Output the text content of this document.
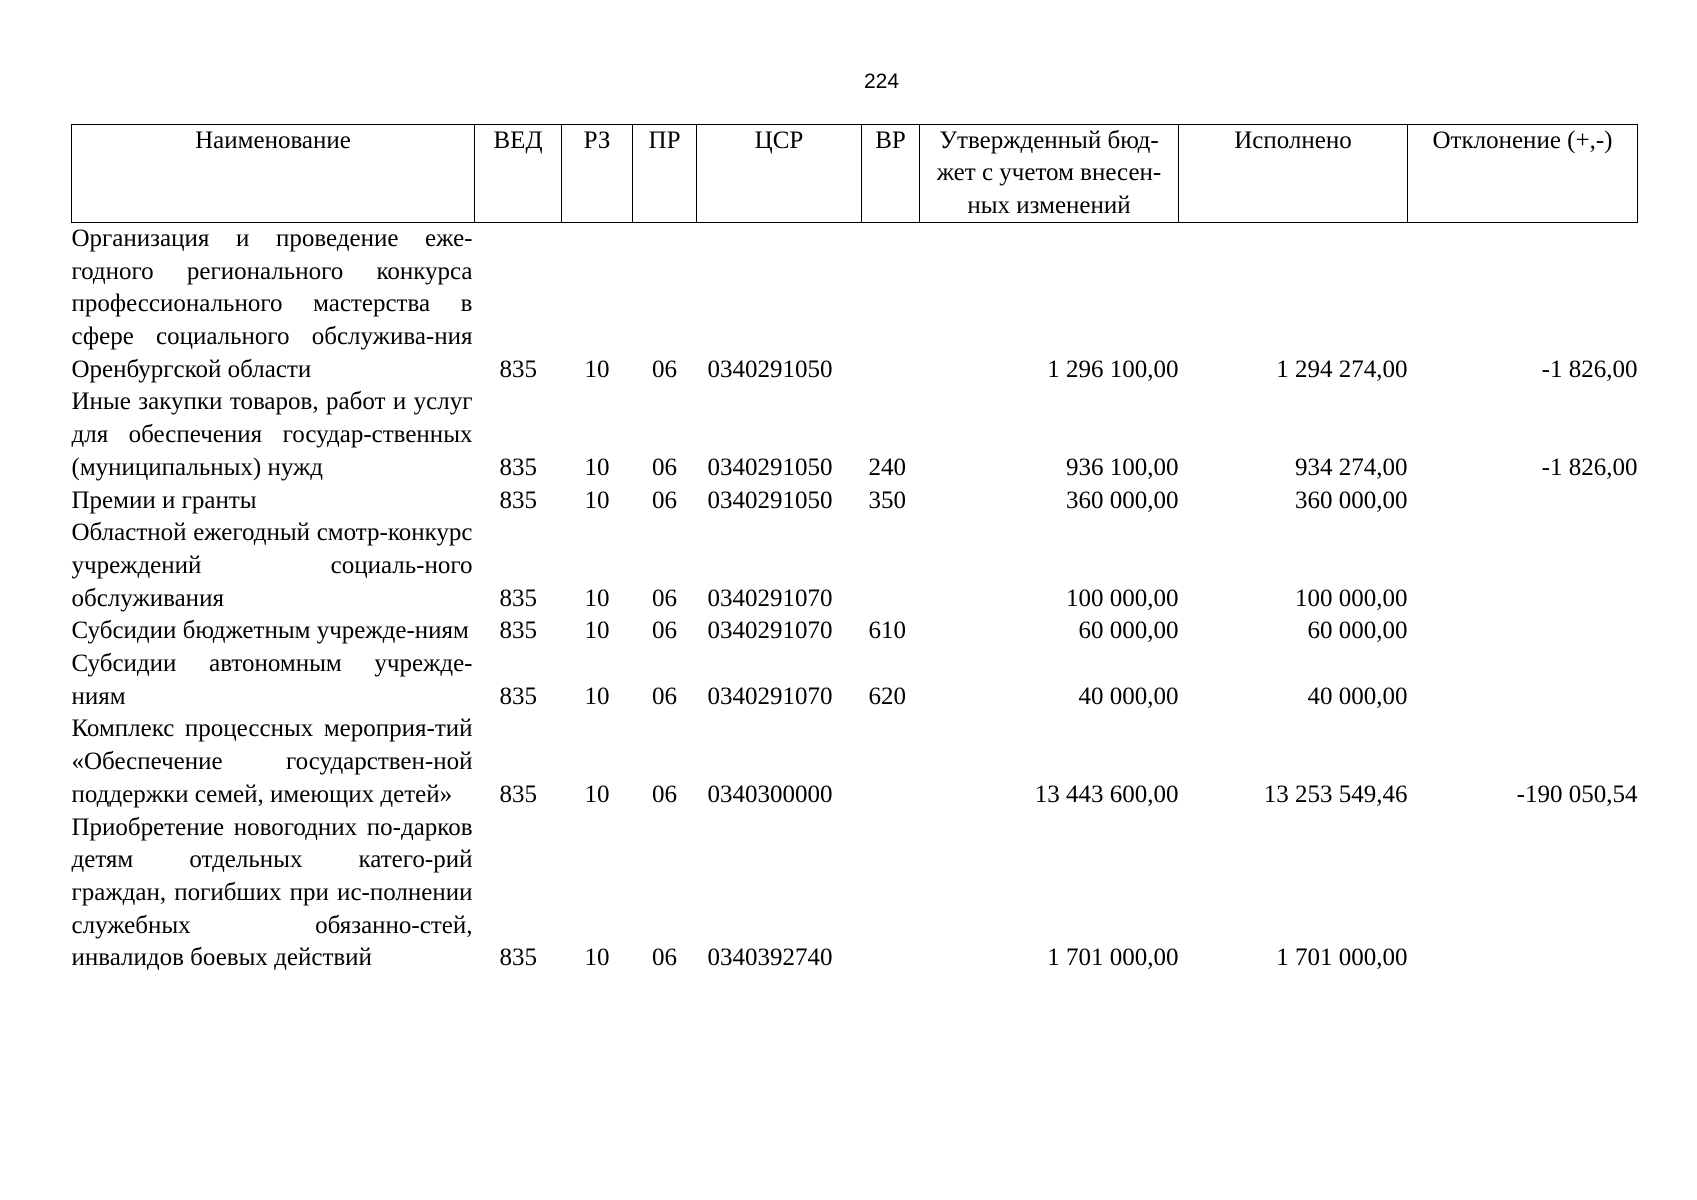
224
Наименование	ВЕД	РЗ	ПР	ЦСР	ВР	Утвержденный бюд-жет с учетом внесен-ных изменений	Исполнено	Отклонение (+,-)
Организация и проведение еже-годного регионального конкурса профессионального мастерства в сфере социального обслужива-ния Оренбургской области	835	10	06	0340291050		1 296 100,00	1 294 274,00	-1 826,00
Иные закупки товаров, работ и услуг для обеспечения государ-ственных (муниципальных) нужд	835	10	06	0340291050	240	936 100,00	934 274,00	-1 826,00
Премии и гранты	835	10	06	0340291050	350	360 000,00	360 000,00	
Областной ежегодный смотр-конкурс учреждений социаль-ного обслуживания	835	10	06	0340291070		100 000,00	100 000,00	
Субсидии бюджетным учрежде-ниям	835	10	06	0340291070	610	60 000,00	60 000,00	
Субсидии автономным учрежде-ниям	835	10	06	0340291070	620	40 000,00	40 000,00	
Комплекс процессных мероприя-тий «Обеспечение государствен-ной поддержки семей, имеющих детей»	835	10	06	0340300000		13 443 600,00	13 253 549,46	-190 050,54
Приобретение новогодних по-дарков детям отдельных катего-рий граждан, погибших при ис-полнении служебных обязанно-стей, инвалидов боевых действий	835	10	06	0340392740		1 701 000,00	1 701 000,00	
